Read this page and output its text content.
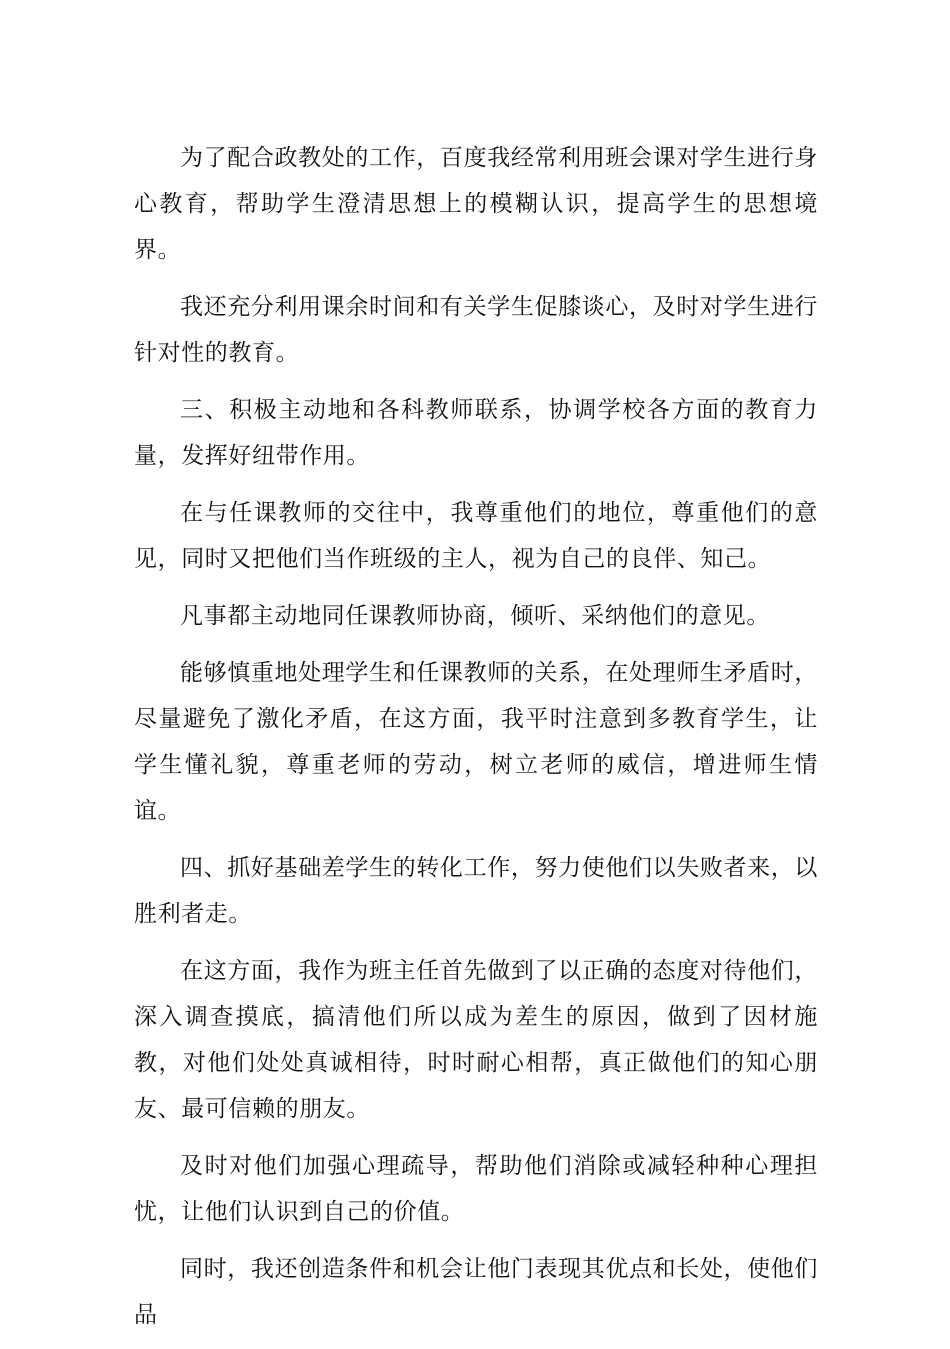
为了配合政教处的工作，百度我经常利用班会课对学生进行身心教育，帮助学生澄清思想上的模糊认识，提高学生的思想境界。

我还充分利用课余时间和有关学生促膝谈心，及时对学生进行针对性的教育。

三、积极主动地和各科教师联系，协调学校各方面的教育力量，发挥好纽带作用。

在与任课教师的交往中，我尊重他们的地位，尊重他们的意见，同时又把他们当作班级的主人，视为自己的良伴、知己。

凡事都主动地同任课教师协商，倾听、采纳他们的意见。

能够慎重地处理学生和任课教师的关系，在处理师生矛盾时，尽量避免了激化矛盾，在这方面，我平时注意到多教育学生，让学生懂礼貌，尊重老师的劳动，树立老师的威信，增进师生情谊。

四、抓好基础差学生的转化工作，努力使他们以失败者来，以胜利者走。

在这方面，我作为班主任首先做到了以正确的态度对待他们，深入调查摸底，搞清他们所以成为差生的原因，做到了因材施教，对他们处处真诚相待，时时耐心相帮，真正做他们的知心朋友、最可信赖的朋友。

及时对他们加强心理疏导，帮助他们消除或减轻种种心理担忧，让他们认识到自己的价值。

同时，我还创造条件和机会让他门表现其优点和长处，使他们品
